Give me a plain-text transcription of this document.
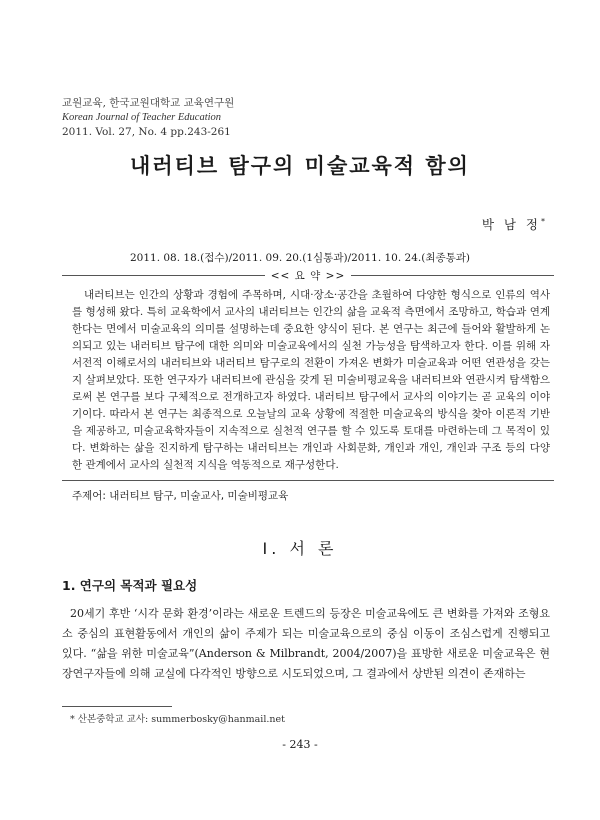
교원교육, 한국교원대학교 교육연구원
Korean Journal of Teacher Education
2011. Vol. 27, No. 4 pp.243-261
내러티브 탐구의 미술교육적 함의
박 남 정*
2011. 08. 18.(접수)/2011. 09. 20.(1심통과)/2011. 10. 24.(최종통과)
<< 요 약 >>
내러티브는 인간의 상황과 경험에 주목하며, 시대·장소·공간을 초월하여 다양한 형식으로 인류의 역사를 형성해 왔다. 특히 교육학에서 교사의 내러티브는 인간의 삶을 교육적 측면에서 조망하고, 학습과 연계한다는 면에서 미술교육의 의미를 설명하는데 중요한 양식이 된다. 본 연구는 최근에 들어와 활발하게 논의되고 있는 내러티브 탐구에 대한 의미와 미술교육에서의 실천 가능성을 탐색하고자 한다. 이를 위해 자서전적 이해로서의 내러티브와 내러티브 탐구로의 전환이 가져온 변화가 미술교육과 어떤 연관성을 갖는지 살펴보았다. 또한 연구자가 내러티브에 관심을 갖게 된 미술비평교육을 내러티브와 연관시켜 탐색함으로써 본 연구를 보다 구체적으로 전개하고자 하였다. 내러티브 탐구에서 교사의 이야기는 곧 교육의 이야기이다. 따라서 본 연구는 최종적으로 오늘날의 교육 상황에 적절한 미술교육의 방식을 찾아 이론적 기반을 제공하고, 미술교육학자들이 지속적으로 실천적 연구를 할 수 있도록 토대를 마련하는데 그 목적이 있다. 변화하는 삶을 진지하게 탐구하는 내러티브는 개인과 사회문화, 개인과 개인, 개인과 구조 등의 다양한 관계에서 교사의 실천적 지식을 역동적으로 재구성한다.
주제어: 내러티브 탐구, 미술교사, 미술비평교육
Ⅰ. 서 론
1. 연구의 목적과 필요성
20세기 후반 ‘시각 문화 환경’이라는 새로운 트렌드의 등장은 미술교육에도 큰 변화를 가져와 조형요소 중심의 표현활동에서 개인의 삶이 주제가 되는 미술교육으로의 중심 이동이 조심스럽게 진행되고 있다. “삶을 위한 미술교육”(Anderson & Milbrandt, 2004/2007)을 표방한 새로운 미술교육은 현장연구자들에 의해 교실에 다각적인 방향으로 시도되었으며, 그 결과에서 상반된 의견이 존재하는
* 산본중학교 교사: summerbosky@hanmail.net
- 243 -
